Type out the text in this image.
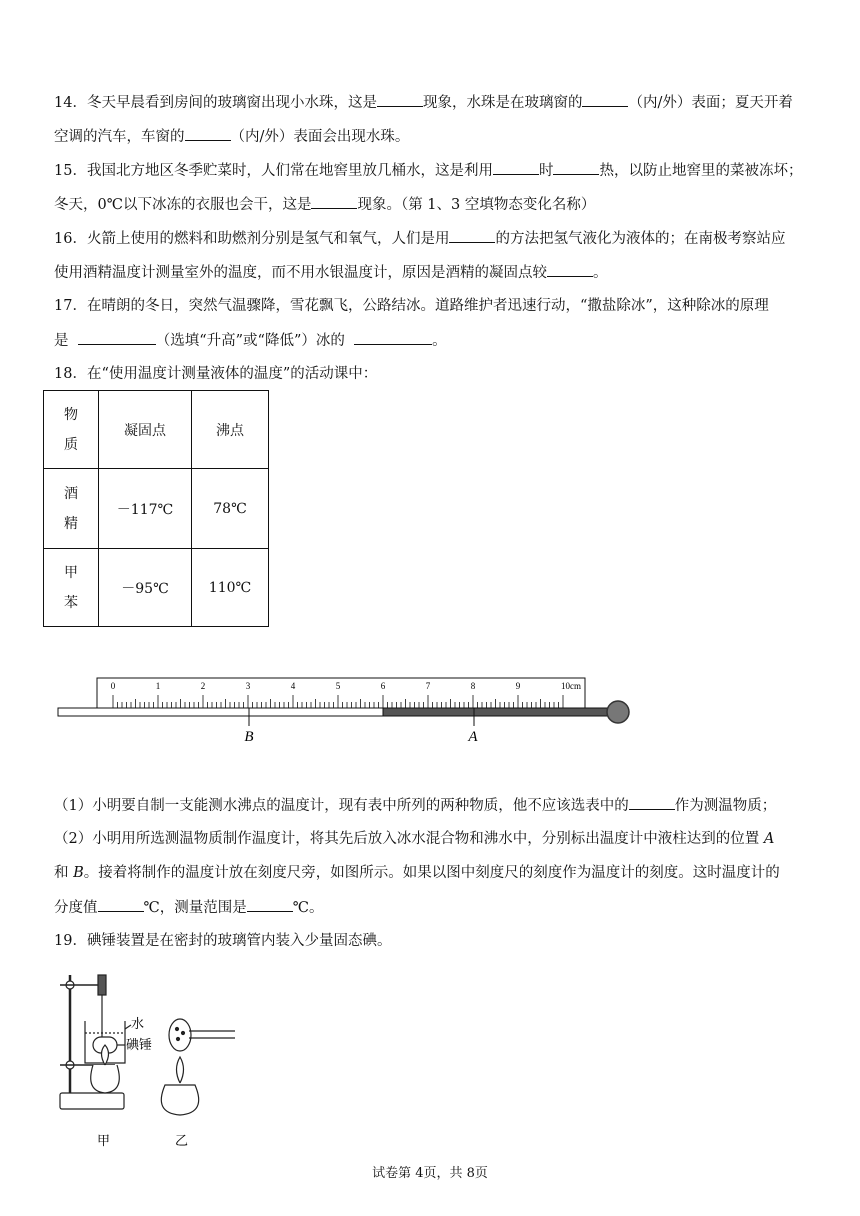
14．冬天早晨看到房间的玻璃窗出现小水珠，这是	现象，水珠是在玻璃窗的	（内/外）表面；夏天开着
空调的汽车，车窗的	（内/外）表面会出现水珠。
15．我国北方地区冬季贮菜时，人们常在地窖里放几桶水，这是利用	时	热，以防止地窖里的菜被冻坏；
冬天，0℃以下冰冻的衣服也会干，这是	现象。（第 1、3 空填物态变化名称）
16．火箭上使用的燃料和助燃剂分别是氢气和氧气，人们是用	的方法把氢气液化为液体的；在南极考察站应
使用酒精温度计测量室外的温度，而不用水银温度计，原因是酒精的凝固点较	。
17．在晴朗的冬日，突然气温骤降，雪花飘飞，公路结冰。道路维护者迅速行动，“撒盐除冰”，这种除冰的原理
是	（选填“升高”或“降低”）冰的	。
18．在“使用温度计测量液体的温度”的活动课中：
物质	凝固点	沸点
酒精	－117℃	78℃
甲苯	－95℃	110℃
0	1	2	3	4	5	6	7	8	9	10cm
B	A
（1）小明要自制一支能测水沸点的温度计，现有表中所列的两种物质，他不应该选表中的	作为测温物质；
（2）小明用所选测温物质制作温度计，将其先后放入冰水混合物和沸水中，分别标出温度计中液柱达到的位置 A
和 B。接着将制作的温度计放在刻度尺旁，如图所示。如果以图中刻度尺的刻度作为温度计的刻度。这时温度计的
分度值	℃，测量范围是	℃。
19．碘锤装置是在密封的玻璃管内装入少量固态碘。
水
碘锤
甲	乙
试卷第 4页，共 8页
